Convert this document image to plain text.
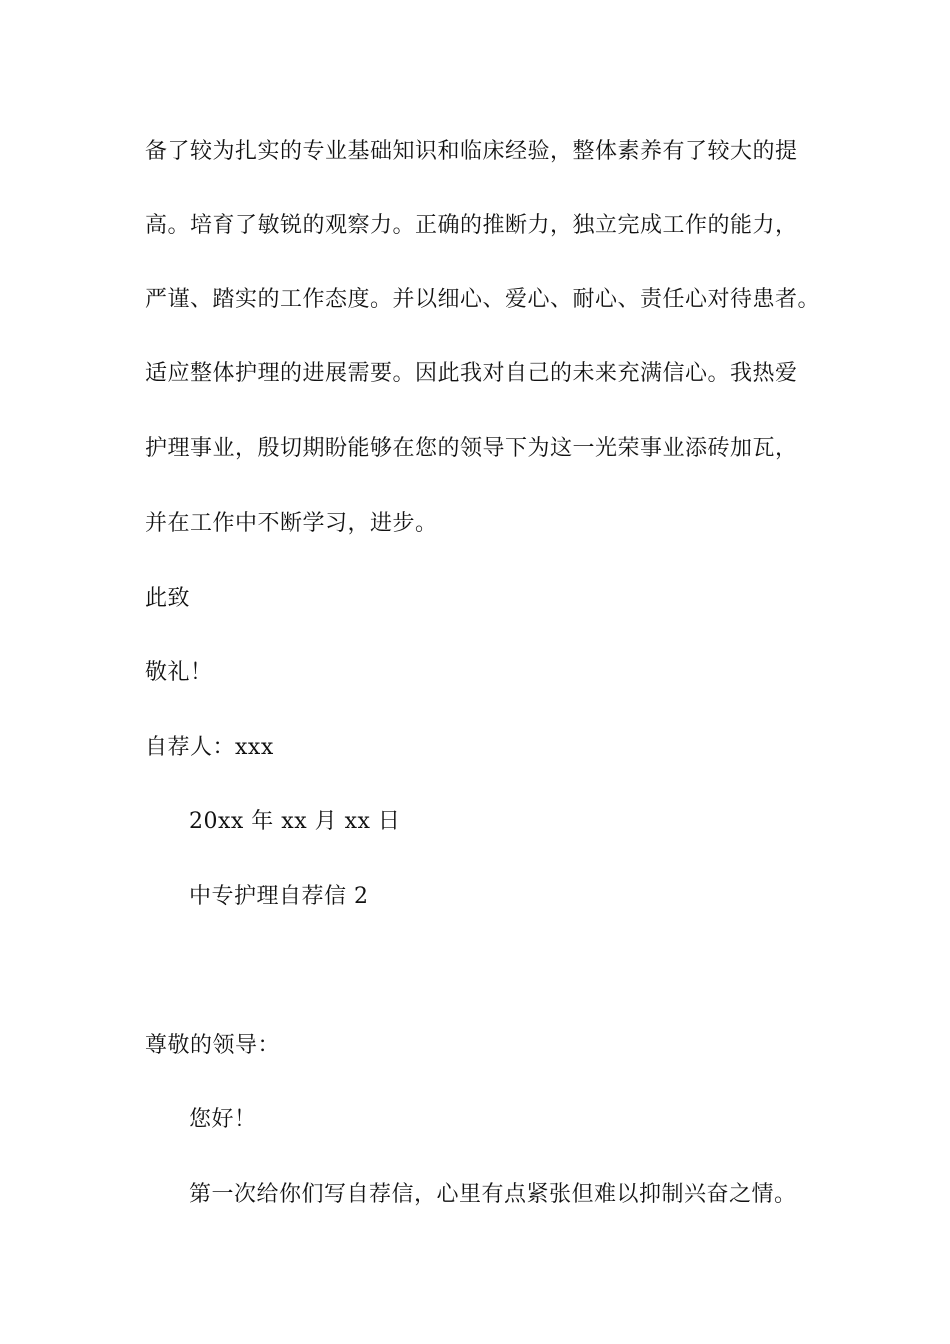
备了较为扎实的专业基础知识和临床经验，整体素养有了较大的提
高。培育了敏锐的观察力。正确的推断力，独立完成工作的能力，
严谨、踏实的工作态度。并以细心、爱心、耐心、责任心对待患者。
适应整体护理的进展需要。因此我对自己的未来充满信心。我热爱
护理事业，殷切期盼能够在您的领导下为这一光荣事业添砖加瓦，
并在工作中不断学习，进步。
此致
敬礼！
自荐人：xxx
20xx 年 xx 月 xx 日
中专护理自荐信 2
尊敬的领导：
您好！
第一次给你们写自荐信，心里有点紧张但难以抑制兴奋之情。
